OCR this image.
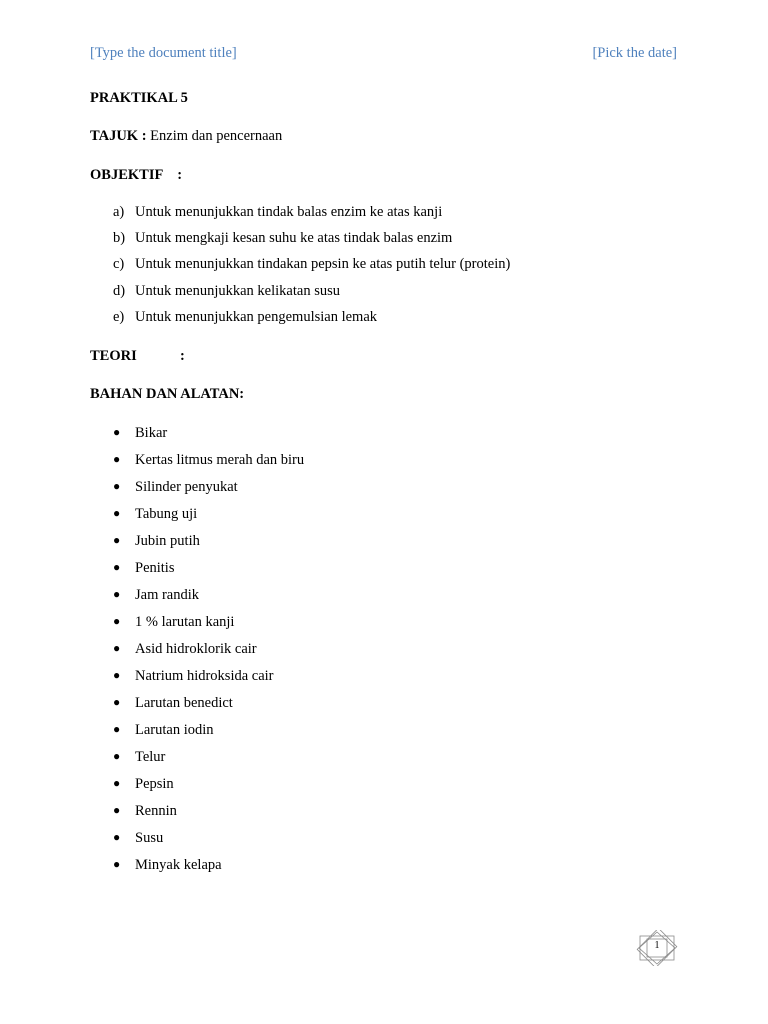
[Type the document title]	[Pick the date]
PRAKTIKAL 5
TAJUK : Enzim dan pencernaan
OBJEKTIF    :
a) Untuk menunjukkan tindak balas enzim ke atas kanji
b) Untuk mengkaji kesan suhu ke atas tindak balas enzim
c) Untuk menunjukkan tindakan pepsin ke atas putih telur (protein)
d) Untuk menunjukkan kelikatan susu
e) Untuk menunjukkan pengemulsian lemak
TEORI	:
BAHAN DAN ALATAN:
● Bikar
● Kertas litmus merah dan biru
● Silinder penyukat
● Tabung uji
● Jubin putih
● Penitis
● Jam randik
● 1 % larutan kanji
● Asid hidroklorik cair
● Natrium hidroksida cair
● Larutan benedict
● Larutan iodin
● Telur
● Pepsin
● Rennin
● Susu
● Minyak kelapa
1
